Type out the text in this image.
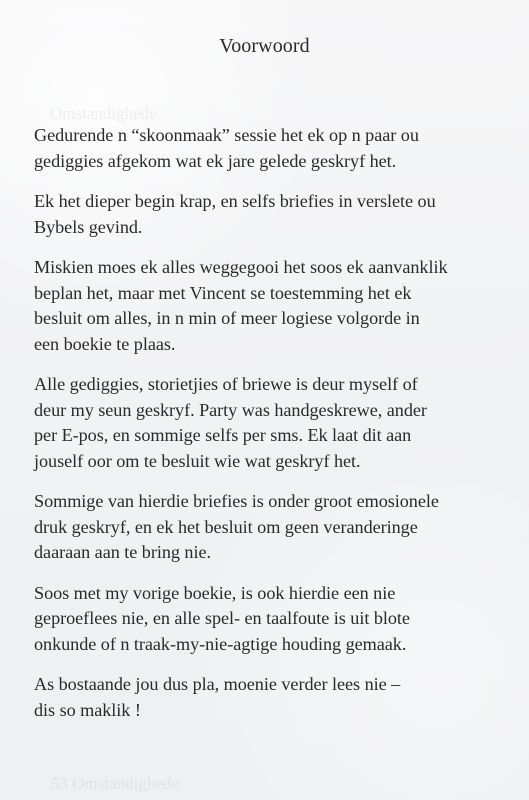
Omstandighede
53 Omstandighede
Voorwoord

Gedurende n “skoonmaak” sessie het ek op n paar ou
gediggies afgekom wat ek jare gelede geskryf het.

Ek het dieper begin krap, en selfs briefies in verslete ou
Bybels gevind.

Miskien moes ek alles weggegooi het soos ek aanvanklik
beplan het, maar met Vincent se toestemming het ek
besluit om alles, in n min of meer logiese volgorde in
een boekie te plaas.

Alle gediggies, storietjies of briewe is deur myself of
deur my seun geskryf. Party was handgeskrewe, ander
per E-pos, en sommige selfs per sms. Ek laat dit aan
jouself oor om te besluit wie wat geskryf het.

Sommige van hierdie briefies is onder groot emosionele
druk geskryf, en ek het besluit om geen veranderinge
daaraan aan te bring nie.

Soos met my vorige boekie, is ook hierdie een nie
geproeflees nie, en alle spel- en taalfoute is uit blote
onkunde of n traak-my-nie-agtige houding gemaak.

As bostaande jou dus pla, moenie verder lees nie –
dis so maklik !
